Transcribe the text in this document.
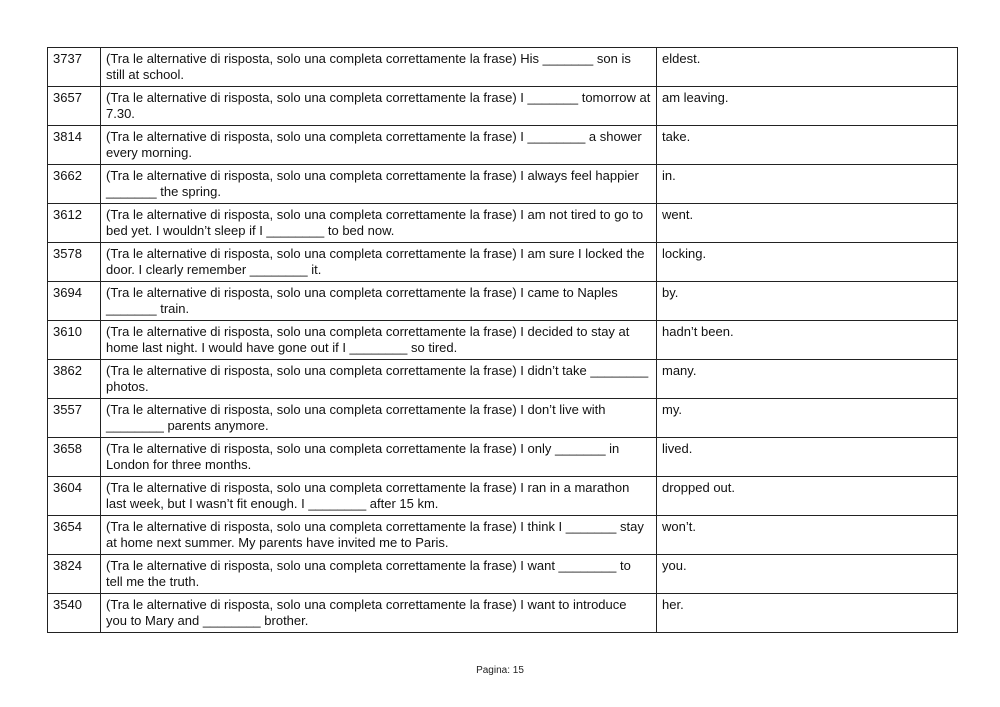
3737	(Tra le alternative di risposta, solo una completa correttamente la frase) His _______ son is still at school.	eldest.
3657	(Tra le alternative di risposta, solo una completa correttamente la frase) I _______ tomorrow at 7.30.	am leaving.
3814	(Tra le alternative di risposta, solo una completa correttamente la frase) I ________ a shower every morning.	take.
3662	(Tra le alternative di risposta, solo una completa correttamente la frase) I always feel happier _______ the spring.	in.
3612	(Tra le alternative di risposta, solo una completa correttamente la frase) I am not tired to go to bed yet. I wouldn’t sleep if I ________ to bed now.	went.
3578	(Tra le alternative di risposta, solo una completa correttamente la frase) I am sure I locked the door. I clearly remember ________ it.	locking.
3694	(Tra le alternative di risposta, solo una completa correttamente la frase) I came to Naples _______ train.	by.
3610	(Tra le alternative di risposta, solo una completa correttamente la frase) I decided to stay at home last night. I would have gone out if I ________ so tired.	hadn’t been.
3862	(Tra le alternative di risposta, solo una completa correttamente la frase) I didn’t take ________ photos.	many.
3557	(Tra le alternative di risposta, solo una completa correttamente la frase) I don’t live with ________ parents anymore.	my.
3658	(Tra le alternative di risposta, solo una completa correttamente la frase) I only _______ in London for three months.	lived.
3604	(Tra le alternative di risposta, solo una completa correttamente la frase) I ran in a marathon last week, but I wasn’t fit enough. I ________ after 15 km.	dropped out.
3654	(Tra le alternative di risposta, solo una completa correttamente la frase) I think I _______ stay at home next summer. My parents have invited me to Paris.	won’t.
3824	(Tra le alternative di risposta, solo una completa correttamente la frase) I want ________ to tell me the truth.	you.
3540	(Tra le alternative di risposta, solo una completa correttamente la frase) I want to introduce you to Mary and ________ brother.	her.
Pagina: 15
